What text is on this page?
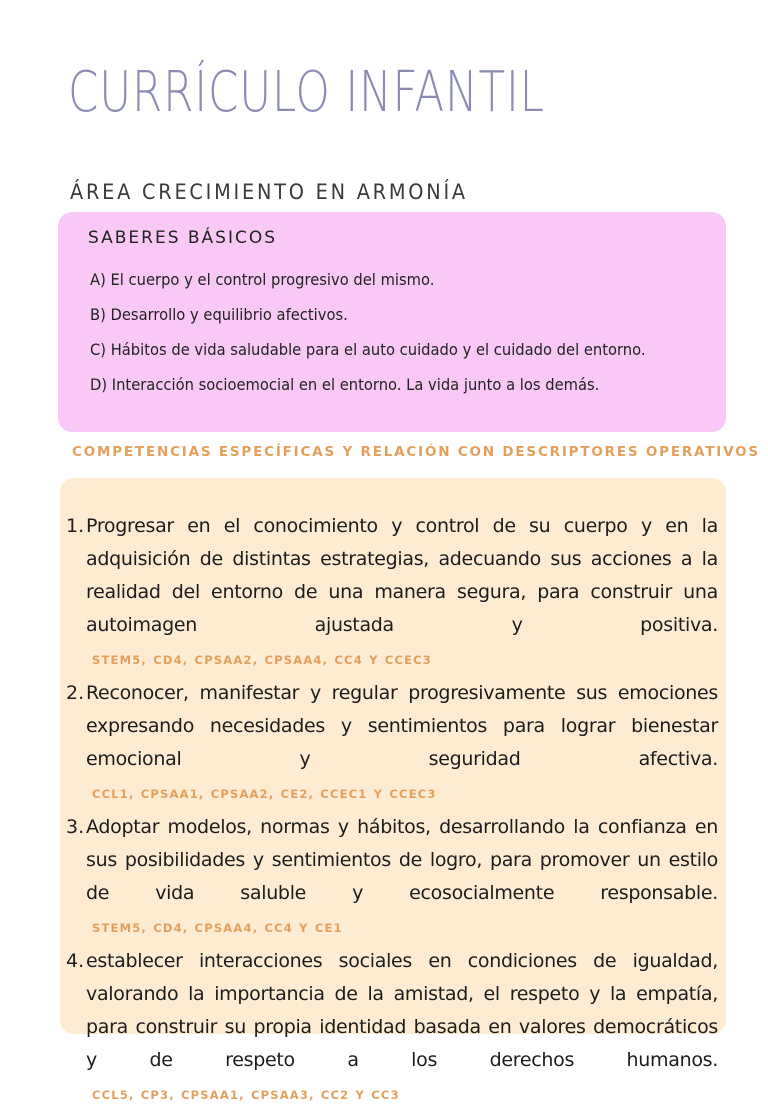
CURRÍCULO INFANTIL
ÁREA CRECIMIENTO EN ARMONÍA
SABERES BÁSICOS
A) El cuerpo y el control progresivo del mismo.
B) Desarrollo y equilibrio afectivos.
C) Hábitos de vida saludable para el auto cuidado y el cuidado del entorno.
D) Interacción socioemocial en el entorno. La vida junto a los demás.
COMPETENCIAS ESPECÍFICAS Y RELACIÓN CON DESCRIPTORES OPERATIVOS
1. Progresar en el conocimiento y control de su cuerpo y en la adquisición de distintas estrategias, adecuando sus acciones a la realidad del entorno de una manera segura, para construir una autoimagen ajustada y positiva. STEM5, CD4, CPSAA2, CPSAA4, CC4 Y CCEC3
2. Reconocer, manifestar y regular progresivamente sus emociones expresando necesidades y sentimientos para lograr bienestar emocional y seguridad afectiva. CCL1, CPSAA1, CPSAA2, CE2, CCEC1 Y CCEC3
3. Adoptar modelos, normas y hábitos, desarrollando la confianza en sus posibilidades y sentimientos de logro, para promover un estilo de vida saluble y ecosocialmente responsable. STEM5, CD4, CPSAA4, CC4 Y CE1
4. establecer interacciones sociales en condiciones de igualdad, valorando la importancia de la amistad, el respeto y la empatía, para construir su propia identidad basada en valores democráticos y de respeto a los derechos humanos. CCL5, CP3, CPSAA1, CPSAA3, CC2 Y CC3
